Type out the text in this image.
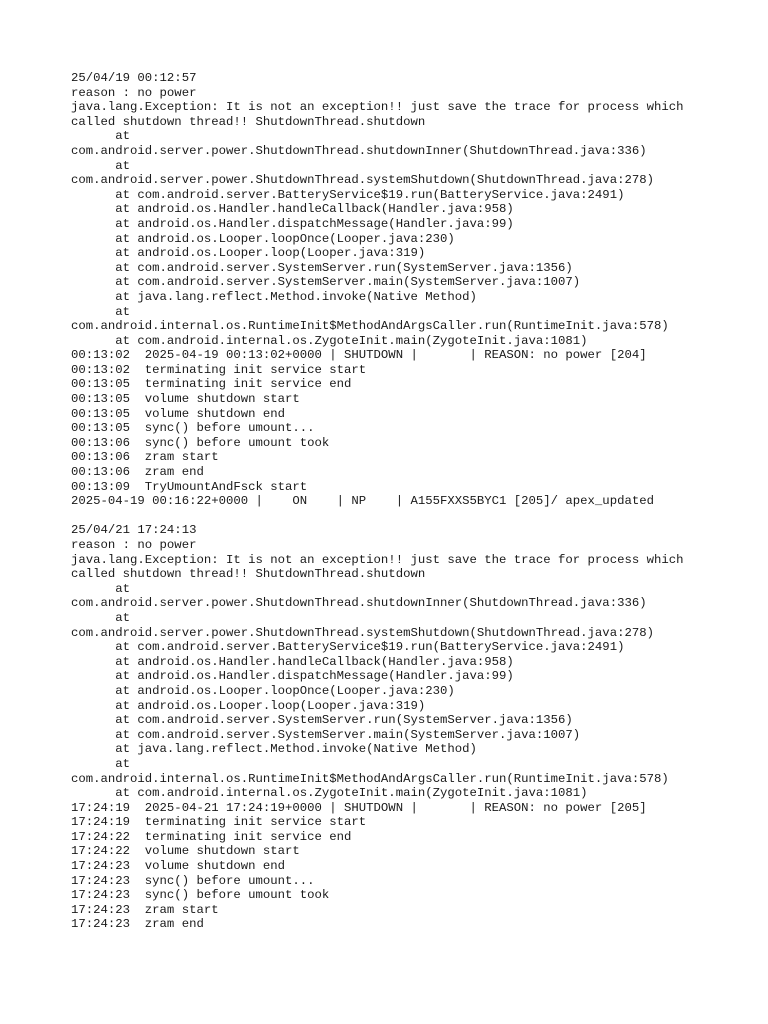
25/04/19 00:12:57
reason : no power
java.lang.Exception: It is not an exception!! just save the trace for process which
called shutdown thread!! ShutdownThread.shutdown
at
com.android.server.power.ShutdownThread.shutdownInner(ShutdownThread.java:336)
at
com.android.server.power.ShutdownThread.systemShutdown(ShutdownThread.java:278)
at com.android.server.BatteryService$19.run(BatteryService.java:2491)
at android.os.Handler.handleCallback(Handler.java:958)
at android.os.Handler.dispatchMessage(Handler.java:99)
at android.os.Looper.loopOnce(Looper.java:230)
at android.os.Looper.loop(Looper.java:319)
at com.android.server.SystemServer.run(SystemServer.java:1356)
at com.android.server.SystemServer.main(SystemServer.java:1007)
at java.lang.reflect.Method.invoke(Native Method)
at
com.android.internal.os.RuntimeInit$MethodAndArgsCaller.run(RuntimeInit.java:578)
at com.android.internal.os.ZygoteInit.main(ZygoteInit.java:1081)
00:13:02  2025-04-19 00:13:02+0000 | SHUTDOWN |       | REASON: no power [204]
00:13:02  terminating init service start
00:13:05  terminating init service end
00:13:05  volume shutdown start
00:13:05  volume shutdown end
00:13:05  sync() before umount...
00:13:06  sync() before umount took
00:13:06  zram start
00:13:06  zram end
00:13:09  TryUmountAndFsck start
2025-04-19 00:16:22+0000 |    ON    | NP    | A155FXXS5BYC1 [205]/ apex_updated
25/04/21 17:24:13
reason : no power
java.lang.Exception: It is not an exception!! just save the trace for process which
called shutdown thread!! ShutdownThread.shutdown
at
com.android.server.power.ShutdownThread.shutdownInner(ShutdownThread.java:336)
at
com.android.server.power.ShutdownThread.systemShutdown(ShutdownThread.java:278)
at com.android.server.BatteryService$19.run(BatteryService.java:2491)
at android.os.Handler.handleCallback(Handler.java:958)
at android.os.Handler.dispatchMessage(Handler.java:99)
at android.os.Looper.loopOnce(Looper.java:230)
at android.os.Looper.loop(Looper.java:319)
at com.android.server.SystemServer.run(SystemServer.java:1356)
at com.android.server.SystemServer.main(SystemServer.java:1007)
at java.lang.reflect.Method.invoke(Native Method)
at
com.android.internal.os.RuntimeInit$MethodAndArgsCaller.run(RuntimeInit.java:578)
at com.android.internal.os.ZygoteInit.main(ZygoteInit.java:1081)
17:24:19  2025-04-21 17:24:19+0000 | SHUTDOWN |       | REASON: no power [205]
17:24:19  terminating init service start
17:24:22  terminating init service end
17:24:22  volume shutdown start
17:24:23  volume shutdown end
17:24:23  sync() before umount...
17:24:23  sync() before umount took
17:24:23  zram start
17:24:23  zram end
